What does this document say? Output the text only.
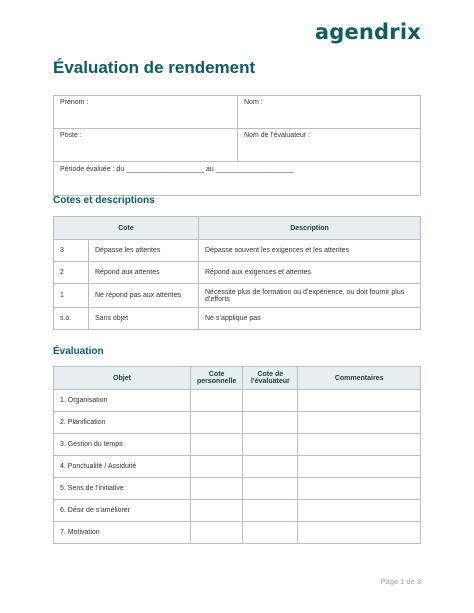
agendrix
Évaluation de rendement
Prénom :	Nom :
Poste :	Nom de l’évaluateur :
Période évaluée : du ____________________ au ____________________	
Cotes et descriptions
Cote		Description
3	Dépasse les attentes	Dépasse souvent les exigences et les attentes
2	Répond aux attentes	Répond aux exigences et attentes
1	Ne répond pas aux attentes	Nécessite plus de formation ou d’expérience, ou doit fournir plus d’efforts
s.o.	Sans objet	Ne s’applique pas
Évaluation
Objet	Cote personnelle	Cote de l’évaluateur	Commentaires
1. Organisation			
2. Planification			
3. Gestion du temps			
4. Ponctualité / Assiduité			
5. Sens de l’initiative			
6. Désir de s’améliorer			
7. Motivation			
Page 1 de 3
